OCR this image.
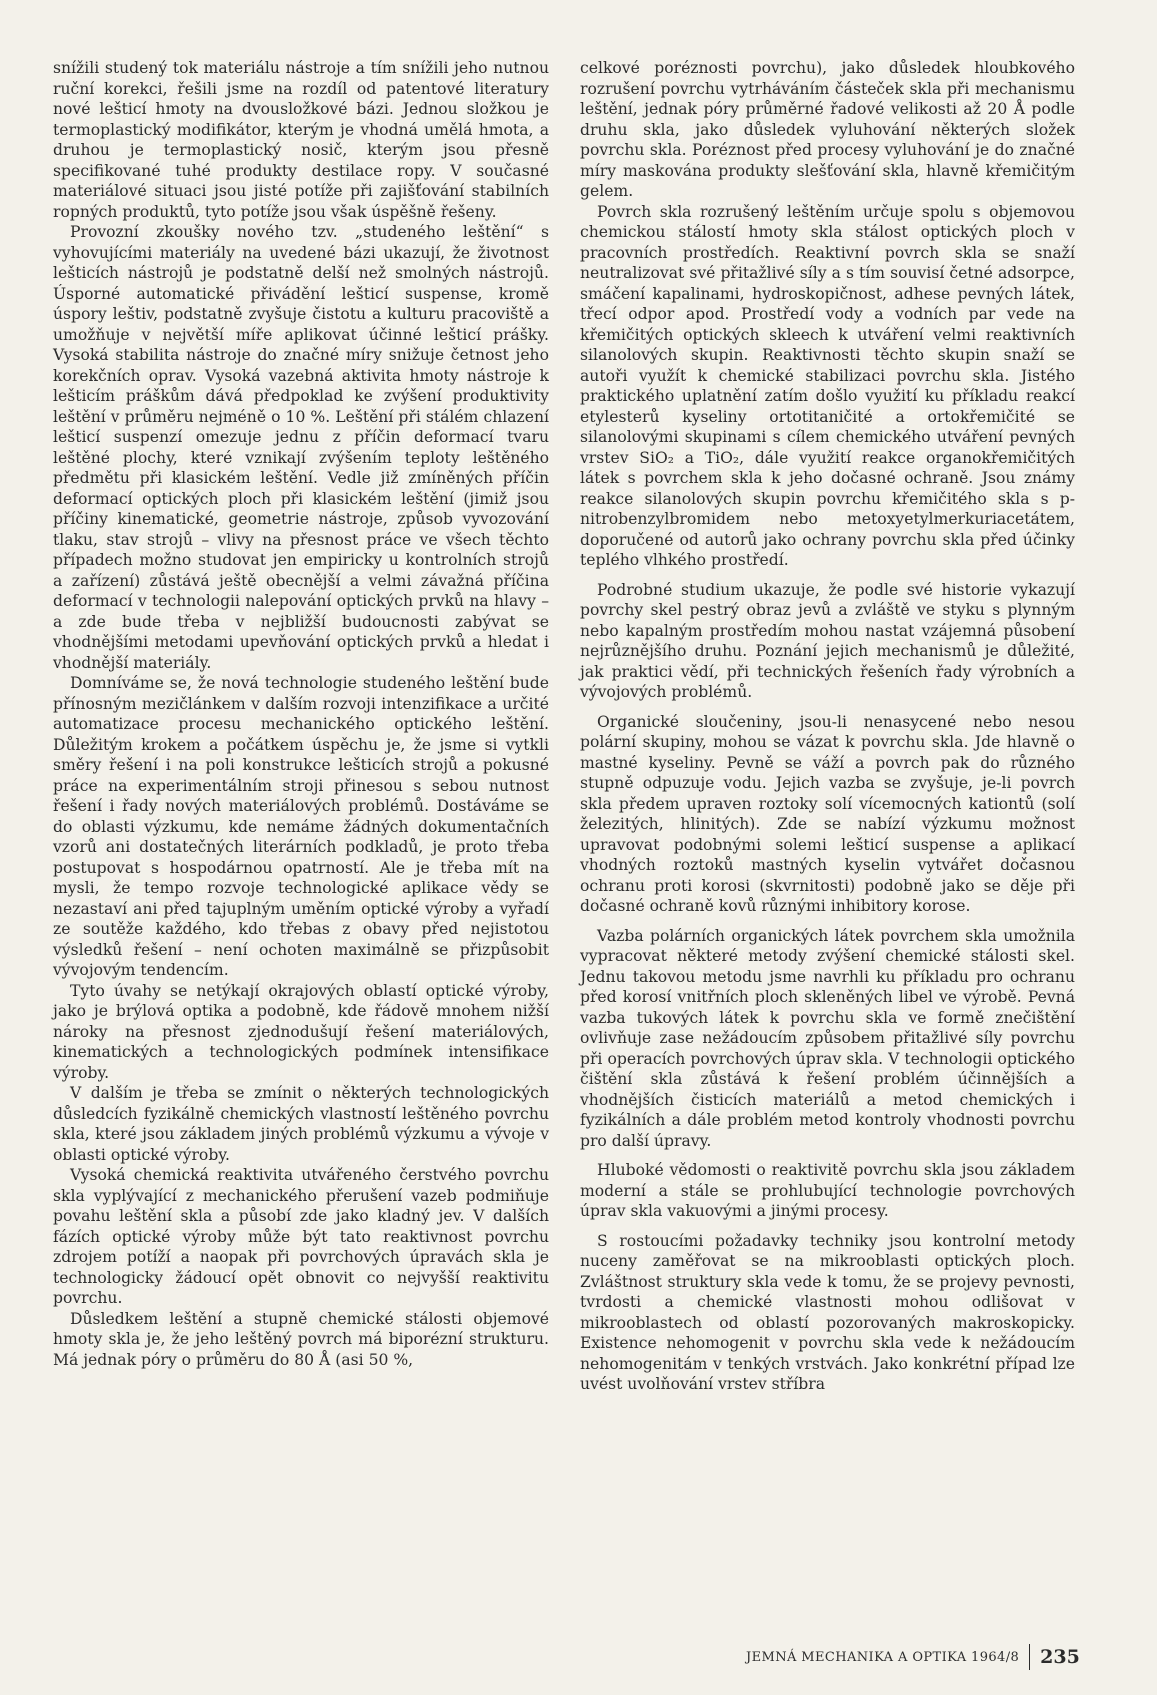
snížili studený tok materiálu nástroje a tím snížili jeho nutnou ruční korekci, řešili jsme na rozdíl od patentové literatury nové lešticí hmoty na dvousložkové bázi. Jednou složkou je termoplastický modifikátor, kterým je vhodná umělá hmota, a druhou je termoplastický nosič, kterým jsou přesně specifikované tuhé produkty destilace ropy. V současné materiálové situaci jsou jisté potíže při zajišťování stabilních ropných produktů, tyto potíže jsou však úspěšně řešeny.

Provozní zkoušky nového tzv. „studeného leštění“ s vyhovujícími materiály na uvedené bázi ukazují, že životnost lešticích nástrojů je podstatně delší než smolných nástrojů. Úsporné automatické přivádění lešticí suspense, kromě úspory leštiv, podstatně zvyšuje čistotu a kulturu pracoviště a umožňuje v největší míře aplikovat účinné lešticí prášky. Vysoká stabilita nástroje do značné míry snižuje četnost jeho korekčních oprav. Vysoká vazebná aktivita hmoty nástroje k lešticím práškům dává předpoklad ke zvýšení produktivity leštění v průměru nejméně o 10 %. Leštění při stálém chlazení lešticí suspenzí omezuje jednu z příčin deformací tvaru leštěné plochy, které vznikají zvýšením teploty leštěného předmětu při klasickém leštění. Vedle již zmíněných příčin deformací optických ploch při klasickém leštění (jimiž jsou příčiny kinematické, geometrie nástroje, způsob vyvozování tlaku, stav strojů – vlivy na přesnost práce ve všech těchto případech možno studovat jen empiricky u kontrolních strojů a zařízení) zůstává ještě obecnější a velmi závažná příčina deformací v technologii nalepování optických prvků na hlavy – a zde bude třeba v nejbližší budoucnosti zabývat se vhodnějšími metodami upevňování optických prvků a hledat i vhodnější materiály.

Domníváme se, že nová technologie studeného leštění bude přínosným mezičlánkem v dalším rozvoji intenzifikace a určité automatizace procesu mechanického optického leštění. Důležitým krokem a počátkem úspěchu je, že jsme si vytkli směry řešení i na poli konstrukce lešticích strojů a pokusné práce na experimentálním stroji přinesou s sebou nutnost řešení i řady nových materiálových problémů. Dostáváme se do oblasti výzkumu, kde nemáme žádných dokumentačních vzorů ani dostatečných literárních podkladů, je proto třeba postupovat s hospodárnou opatrností. Ale je třeba mít na mysli, že tempo rozvoje technologické aplikace vědy se nezastaví ani před tajuplným uměním optické výroby a vyřadí ze soutěže každého, kdo třebas z obavy před nejistotou výsledků řešení – není ochoten maximálně se přizpůsobit vývojovým tendencím.

Tyto úvahy se netýkají okrajových oblastí optické výroby, jako je brýlová optika a podobně, kde řádově mnohem nižší nároky na přesnost zjednodušují řešení materiálových, kinematických a technologických podmínek intensifikace výroby.

V dalším je třeba se zmínit o některých technologických důsledcích fyzikálně chemických vlastností leštěného povrchu skla, které jsou základem jiných problémů výzkumu a vývoje v oblasti optické výroby.

Vysoká chemická reaktivita utvářeného čerstvého povrchu skla vyplývající z mechanického přerušení vazeb podmiňuje povahu leštění skla a působí zde jako kladný jev. V dalších fázích optické výroby může být tato reaktivnost povrchu zdrojem potíží a naopak při povrchových úpravách skla je technologicky žádoucí opět obnovit co nejvyšší reaktivitu povrchu.

Důsledkem leštění a stupně chemické stálosti objemové hmoty skla je, že jeho leštěný povrch má biporézní strukturu. Má jednak póry o průměru do 80 Å (asi 50 %,

celkové poréznosti povrchu), jako důsledek hloubkového rozrušení povrchu vytrháváním částeček skla při mechanismu leštění, jednak póry průměrné řadové velikosti až 20 Å podle druhu skla, jako důsledek vyluhování některých složek povrchu skla. Poréznost před procesy vyluhování je do značné míry maskována produkty slešťování skla, hlavně křemičitým gelem.

Povrch skla rozrušený leštěním určuje spolu s objemovou chemickou stálostí hmoty skla stálost optických ploch v pracovních prostředích. Reaktivní povrch skla se snaží neutralizovat své přitažlivé síly a s tím souvisí četné adsorpce, smáčení kapalinami, hydroskopičnost, adhese pevných látek, třecí odpor apod. Prostředí vody a vodních par vede na křemičitých optických skleech k utváření velmi reaktivních silanolových skupin. Reaktivnosti těchto skupin snaží se autoři využít k chemické stabilizaci povrchu skla. Jistého praktického uplatnění zatím došlo využití ku příkladu reakcí etylesterů kyseliny ortotitaničité a ortokřemičité se silanolovými skupinami s cílem chemického utváření pevných vrstev SiO₂ a TiO₂, dále využití reakce organokřemičitých látek s povrchem skla k jeho dočasné ochraně. Jsou známy reakce silanolových skupin povrchu křemičitého skla s p-nitrobenzylbromidem nebo metoxyetylmerkuriacetátem, doporučené od autorů jako ochrany povrchu skla před účinky teplého vlhkého prostředí.

Podrobné studium ukazuje, že podle své historie vykazují povrchy skel pestrý obraz jevů a zvláště ve styku s plynným nebo kapalným prostředím mohou nastat vzájemná působení nejrůznějšího druhu. Poznání jejich mechanismů je důležité, jak praktici vědí, při technických řešeních řady výrobních a vývojových problémů.

Organické sloučeniny, jsou-li nenasycené nebo nesou polární skupiny, mohou se vázat k povrchu skla. Jde hlavně o mastné kyseliny. Pevně se váží a povrch pak do různého stupně odpuzuje vodu. Jejich vazba se zvyšuje, je-li povrch skla předem upraven roztoky solí vícemocných kationtů (solí železitých, hlinitých). Zde se nabízí výzkumu možnost upravovat podobnými solemi lešticí suspense a aplikací vhodných roztoků mastných kyselin vytvářet dočasnou ochranu proti korosi (skvrnitosti) podobně jako se děje při dočasné ochraně kovů různými inhibitory korose.

Vazba polárních organických látek povrchem skla umožnila vypracovat některé metody zvýšení chemické stálosti skel. Jednu takovou metodu jsme navrhli ku příkladu pro ochranu před korosí vnitřních ploch skleněných libel ve výrobě. Pevná vazba tukových látek k povrchu skla ve formě znečištění ovlivňuje zase nežádoucím způsobem přitažlivé síly povrchu při operacích povrchových úprav skla. V technologii optického čištění skla zůstává k řešení problém účinnějších a vhodnějších čisticích materiálů a metod chemických i fyzikálních a dále problém metod kontroly vhodnosti povrchu pro další úpravy.

Hluboké vědomosti o reaktivitě povrchu skla jsou základem moderní a stále se prohlubující technologie povrchových úprav skla vakuovými a jinými procesy.

S rostoucími požadavky techniky jsou kontrolní metody nuceny zaměřovat se na mikrooblasti optických ploch. Zvláštnost struktury skla vede k tomu, že se projevy pevnosti, tvrdosti a chemické vlastnosti mohou odlišovat v mikrooblastech od oblastí pozorovaných makroskopicky. Existence nehomogenit v povrchu skla vede k nežádoucím nehomogenitám v tenkých vrstvách. Jako konkrétní případ lze uvést uvolňování vrstev stříbra

JEMNÁ MECHANIKA A OPTIKA 1964/8 235
